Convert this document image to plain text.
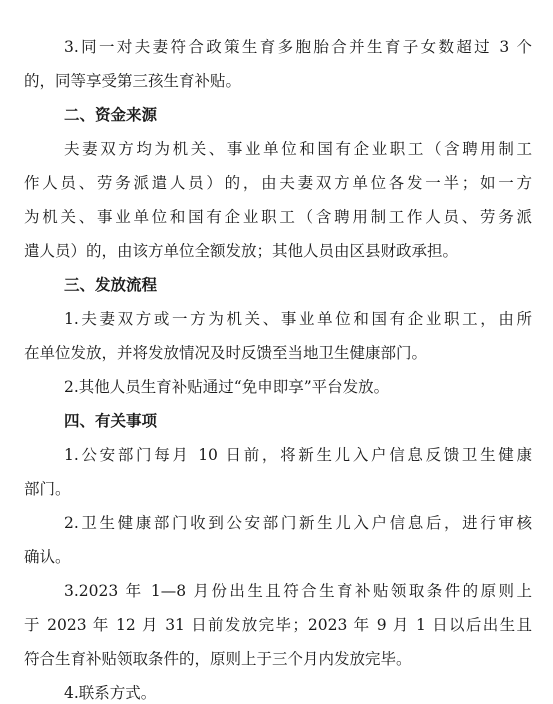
3.同一对夫妻符合政策生育多胞胎合并生育子女数超过 3 个
的，同等享受第三孩生育补贴。
二、资金来源
夫妻双方均为机关、事业单位和国有企业职工（含聘用制工
作人员、劳务派遣人员）的，由夫妻双方单位各发一半；如一方
为机关、事业单位和国有企业职工（含聘用制工作人员、劳务派
遣人员）的，由该方单位全额发放；其他人员由区县财政承担。
三、发放流程
1.夫妻双方或一方为机关、事业单位和国有企业职工，由所
在单位发放，并将发放情况及时反馈至当地卫生健康部门。
2.其他人员生育补贴通过“免申即享”平台发放。
四、有关事项
1.公安部门每月 10 日前，将新生儿入户信息反馈卫生健康
部门。
2.卫生健康部门收到公安部门新生儿入户信息后，进行审核
确认。
3.2023 年 1—8 月份出生且符合生育补贴领取条件的原则上
于 2023 年 12 月 31 日前发放完毕；2023 年 9 月 1 日以后出生且
符合生育补贴领取条件的，原则上于三个月内发放完毕。
4.联系方式。
